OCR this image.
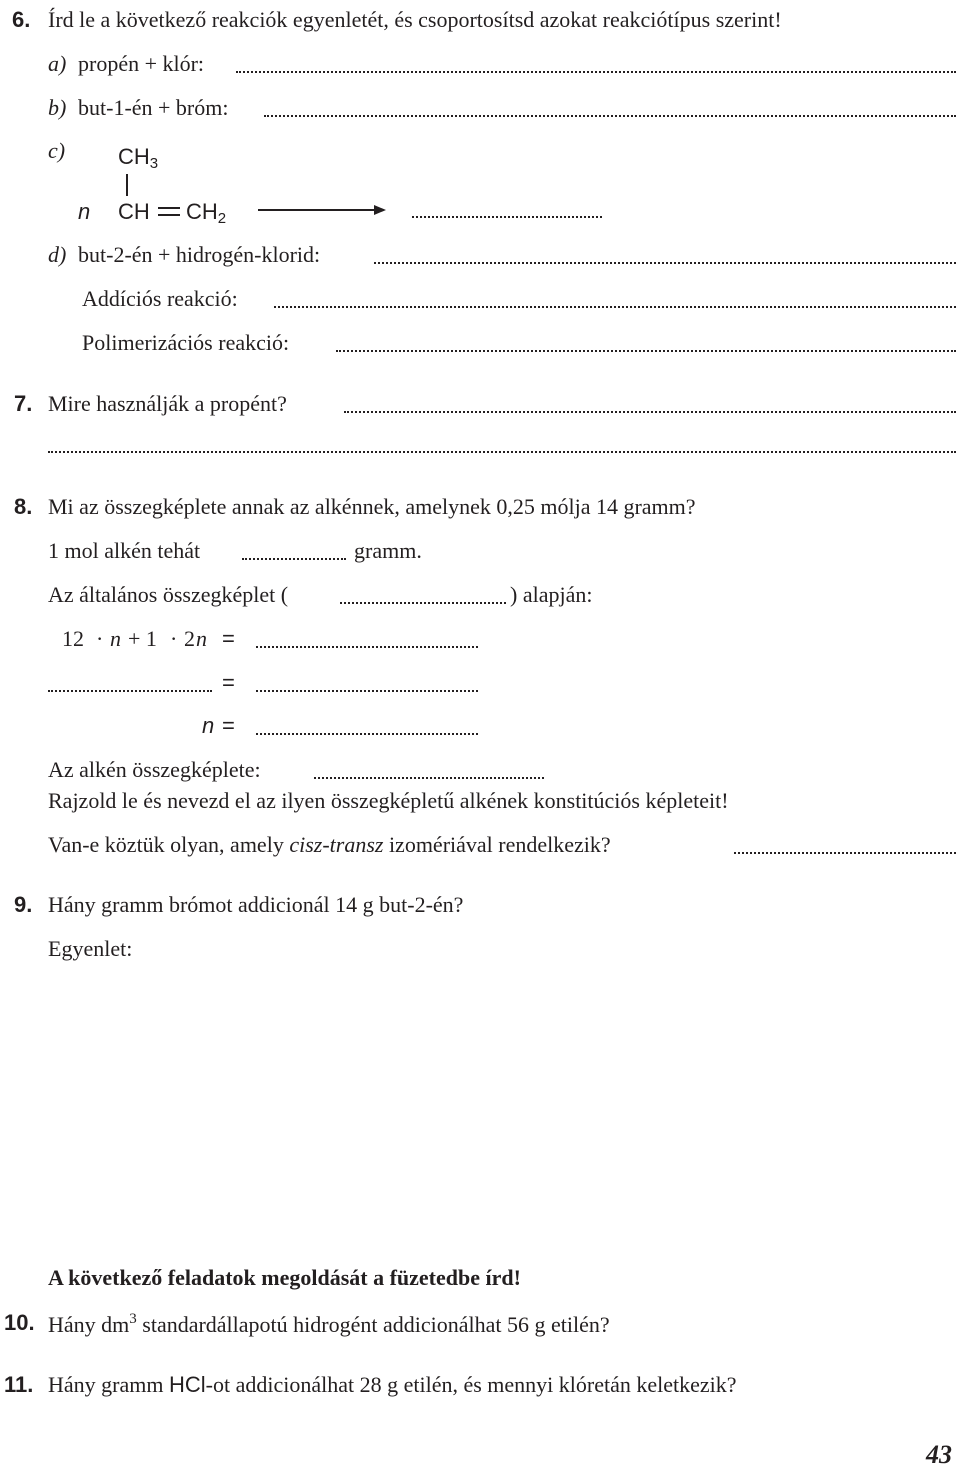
6. Írd le a következő reakciók egyenletét, és csoportosítsd azokat reakciótípus szerint!
a) propén + klór:
b) but-1-én + bróm:
c) $CH_3$
n CH $CH_2$
d) but-2-én + hidrogén-klorid:
Addíciós reakció:
Polimerizációs reakció:
7. Mire használják a propént?
8. Mi az összegképlete annak az alkénnek, amelynek 0,25 mólja 14 gramm?
1 mol alkén tehát	gramm.
Az általános összegképlet (	) alapján:
12 · n + 1 · 2 n =
=
n =
Az alkén összegképlete:
Rajzold le és nevezd el az ilyen összegképletű alkének konstitúciós képleteit!
Van-e köztük olyan, amely cisz-transz izomériával rendelkezik?
9. Hány gramm brómot addicionál 14 g but-2-én?
Egyenlet:
A következő feladatok megoldását a füzetedbe írd!
10. Hány $dm^3$ standardállapotú hidrogént addicionálhat 56 g etilén?
11. Hány gramm HCl-ot addicionálhat 28 g etilén, és mennyi klóretán keletkezik?
43
